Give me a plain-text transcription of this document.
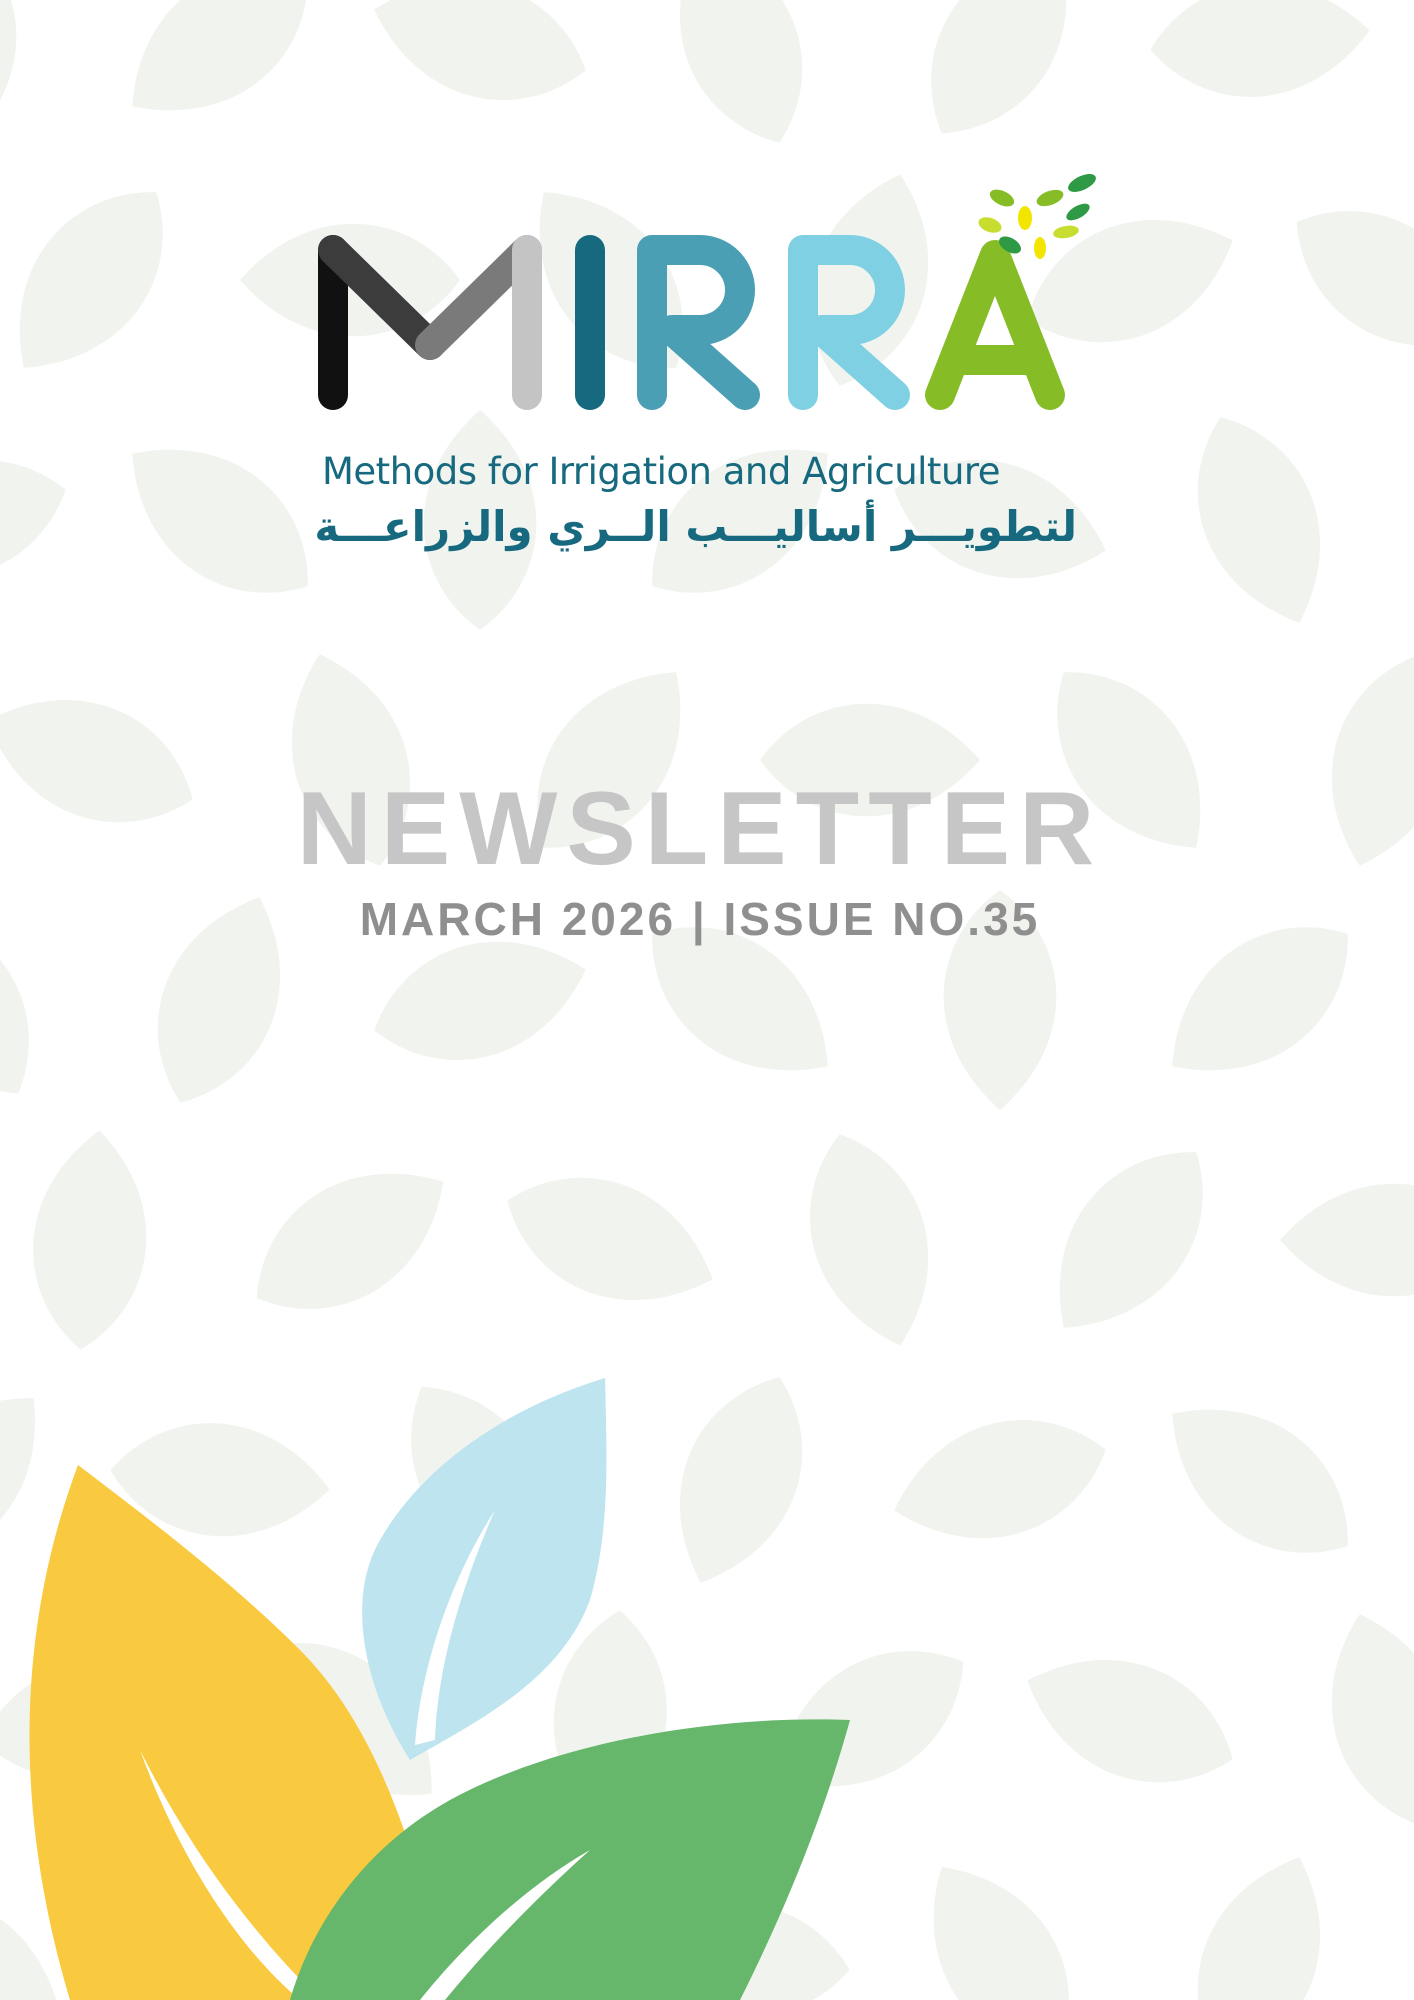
Methods for Irrigation and Agriculture
لتطويـــر أساليـــب الــري والزراعـــة
NEWSLETTER
MARCH 2026 | ISSUE NO.35
